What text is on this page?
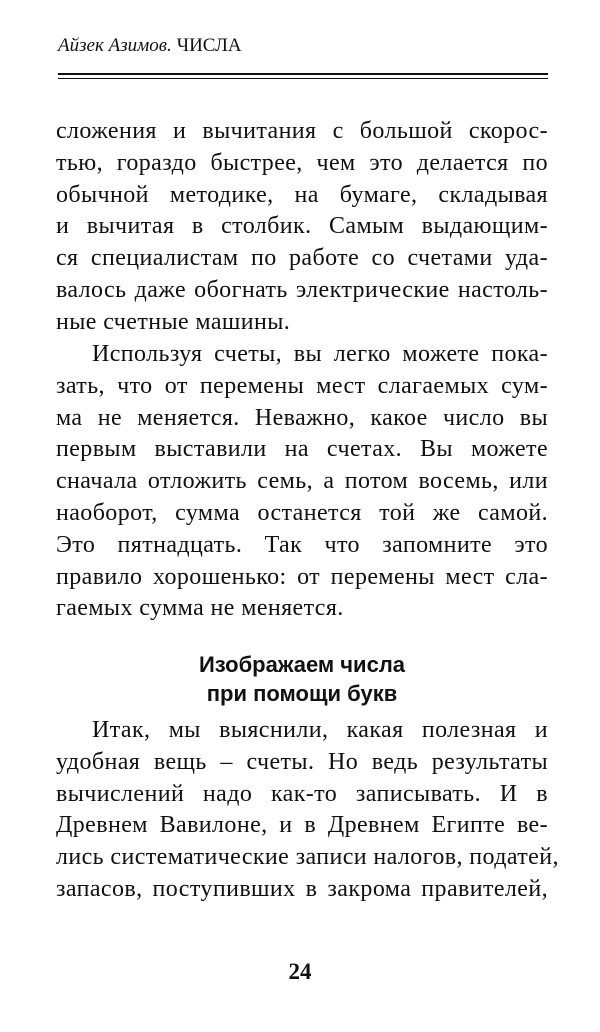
Айзек Азимов. ЧИСЛА
сложения и вычитания с большой скорос-
тью, гораздо быстрее, чем это делается по
обычной методике, на бумаге, складывая
и вычитая в столбик. Самым выдающим-
ся специалистам по работе со счетами уда-
валось даже обогнать электрические настоль-
ные счетные машины.
Используя счеты, вы легко можете пока-
зать, что от перемены мест слагаемых сум-
ма не меняется. Неважно, какое число вы
первым выставили на счетах. Вы можете
сначала отложить семь, а потом восемь, или
наоборот, сумма останется той же самой.
Это пятнадцать. Так что запомните это
правило хорошенько: от перемены мест сла-
гаемых сумма не меняется.
Изображаем числа
при помощи букв
Итак, мы выяснили, какая полезная и
удобная вещь – счеты. Но ведь результаты
вычислений надо как-то записывать. И в
Древнем Вавилоне, и в Древнем Египте ве-
лись систематические записи налогов, податей,
запасов, поступивших в закрома правителей,
24
